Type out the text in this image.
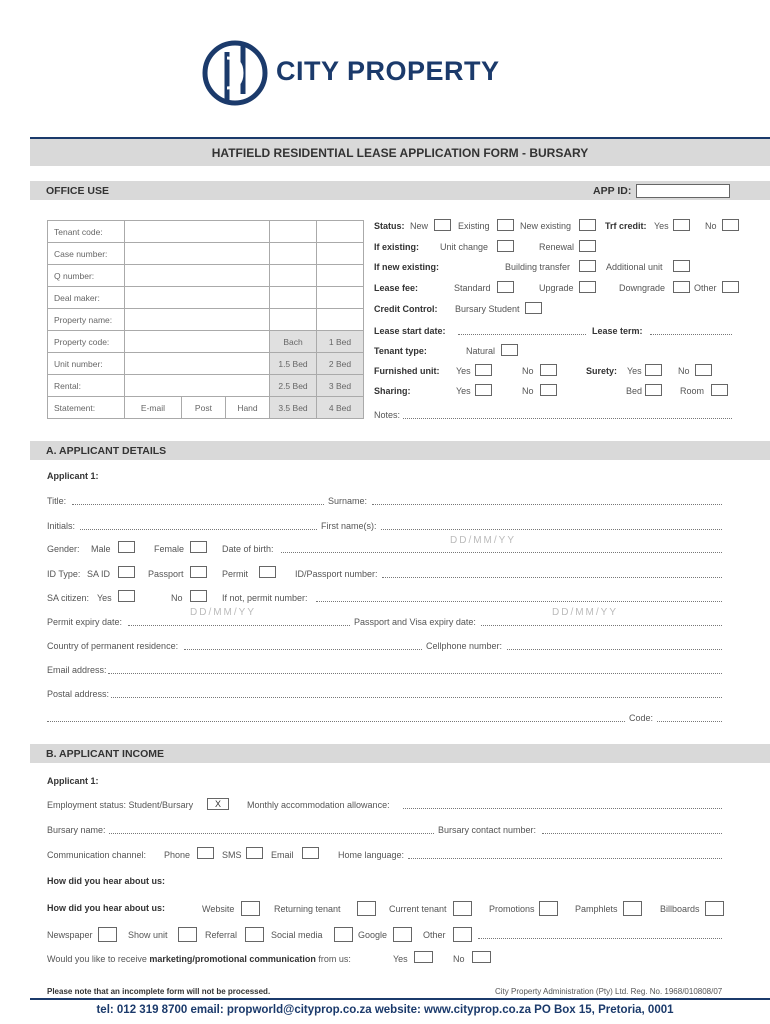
CITY PROPERTY
HATFIELD RESIDENTIAL LEASE APPLICATION FORM - BURSARY
OFFICE USE	APP ID:
Tenant code:					
Case number:					
Q number:					
Deal maker:					
Property name:					
Property code:				Bach	1 Bed
Unit number:				1.5 Bed	2 Bed
Rental:				2.5 Bed	3 Bed
Statement:	E-mail	Post	Hand	3.5 Bed	4 Bed
Status: New	Existing	New existing	Trf credit: Yes	No
If existing: Unit change	Renewal
If new existing:	Building transfer	Additional unit
Lease fee:	Standard	Upgrade	Downgrade	Other
Credit Control: Bursary Student
Lease start date:	Lease term:
Tenant type:	Natural
Furnished unit: Yes	No	Surety: Yes	No
Sharing:	Yes	No	Bed	Room
Notes:
A. APPLICANT DETAILS
Applicant 1:
Title:	Surname:
Initials:	First name(s):
DD/MM/YY
Gender: Male	Female	Date of birth:
ID Type: SA ID	Passport	Permit	ID/Passport number:
SA citizen: Yes	No	If not, permit number:
DD/MM/YY	DD/MM/YY
Permit expiry date:	Passport and Visa expiry date:
Country of permanent residence:	Cellphone number:
Email address:
Postal address:
Code:
B. APPLICANT INCOME
Applicant 1:
Employment status: Student/Bursary	X	Monthly accommodation allowance:
Bursary name:	Bursary contact number:
Communication channel: Phone	SMS	Email	Home language:
How did you hear about us:
How did you hear about us:	Website	Returning tenant	Current tenant	Promotions	Pamphlets	Billboards
Newspaper	Show unit	Referral	Social media	Google	Other
Would you like to receive marketing/promotional communication from us:	Yes	No
Please note that an incomplete form will not be processed.	City Property Administration (Pty) Ltd. Reg. No. 1968/010808/07
tel: 012 319 8700 email: propworld@cityprop.co.za website: www.cityprop.co.za PO Box 15, Pretoria, 0001
